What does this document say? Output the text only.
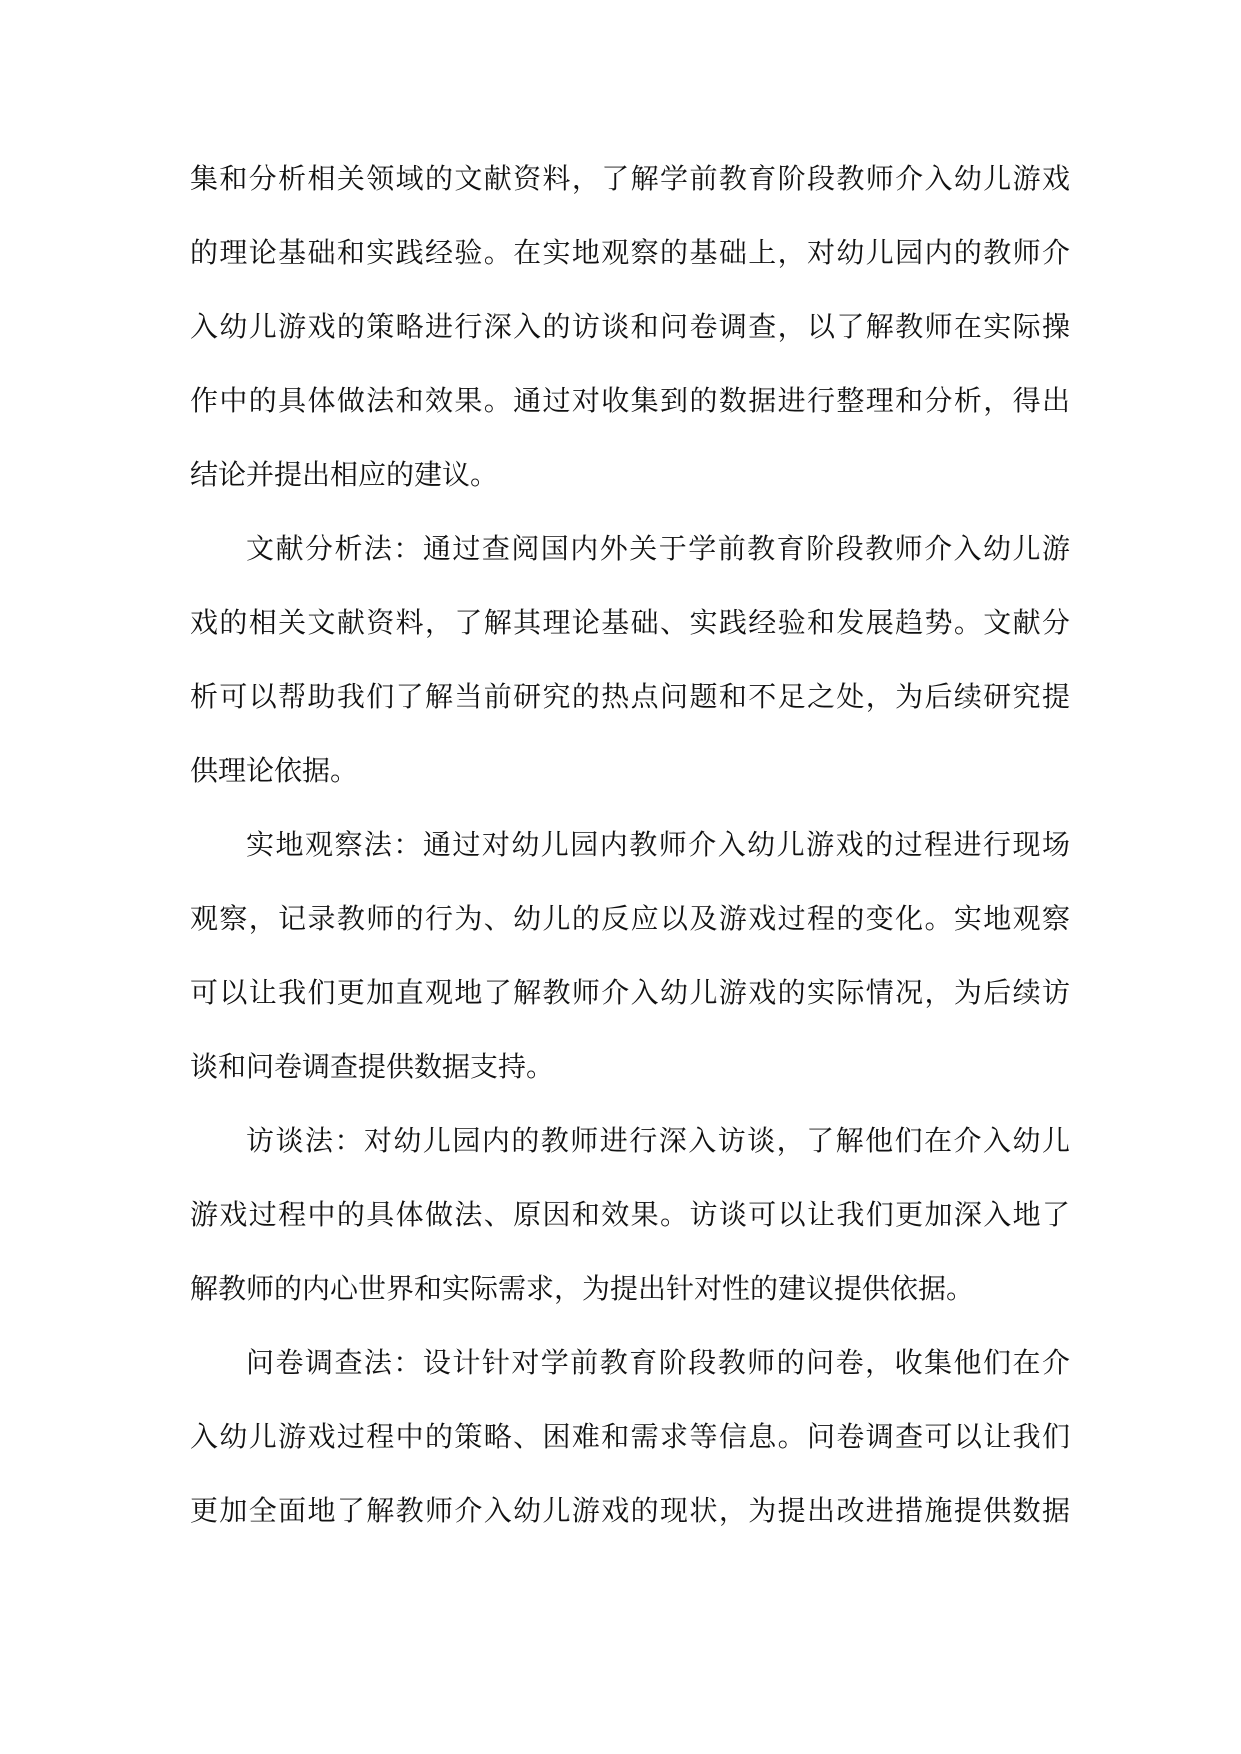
集和分析相关领域的文献资料，了解学前教育阶段教师介入幼儿游戏
的理论基础和实践经验。在实地观察的基础上，对幼儿园内的教师介
入幼儿游戏的策略进行深入的访谈和问卷调查，以了解教师在实际操
作中的具体做法和效果。通过对收集到的数据进行整理和分析，得出
结论并提出相应的建议。

文献分析法：通过查阅国内外关于学前教育阶段教师介入幼儿游
戏的相关文献资料，了解其理论基础、实践经验和发展趋势。文献分
析可以帮助我们了解当前研究的热点问题和不足之处，为后续研究提
供理论依据。

实地观察法：通过对幼儿园内教师介入幼儿游戏的过程进行现场
观察，记录教师的行为、幼儿的反应以及游戏过程的变化。实地观察
可以让我们更加直观地了解教师介入幼儿游戏的实际情况，为后续访
谈和问卷调查提供数据支持。

访谈法：对幼儿园内的教师进行深入访谈，了解他们在介入幼儿
游戏过程中的具体做法、原因和效果。访谈可以让我们更加深入地了
解教师的内心世界和实际需求，为提出针对性的建议提供依据。

问卷调查法：设计针对学前教育阶段教师的问卷，收集他们在介
入幼儿游戏过程中的策略、困难和需求等信息。问卷调查可以让我们
更加全面地了解教师介入幼儿游戏的现状，为提出改进措施提供数据
